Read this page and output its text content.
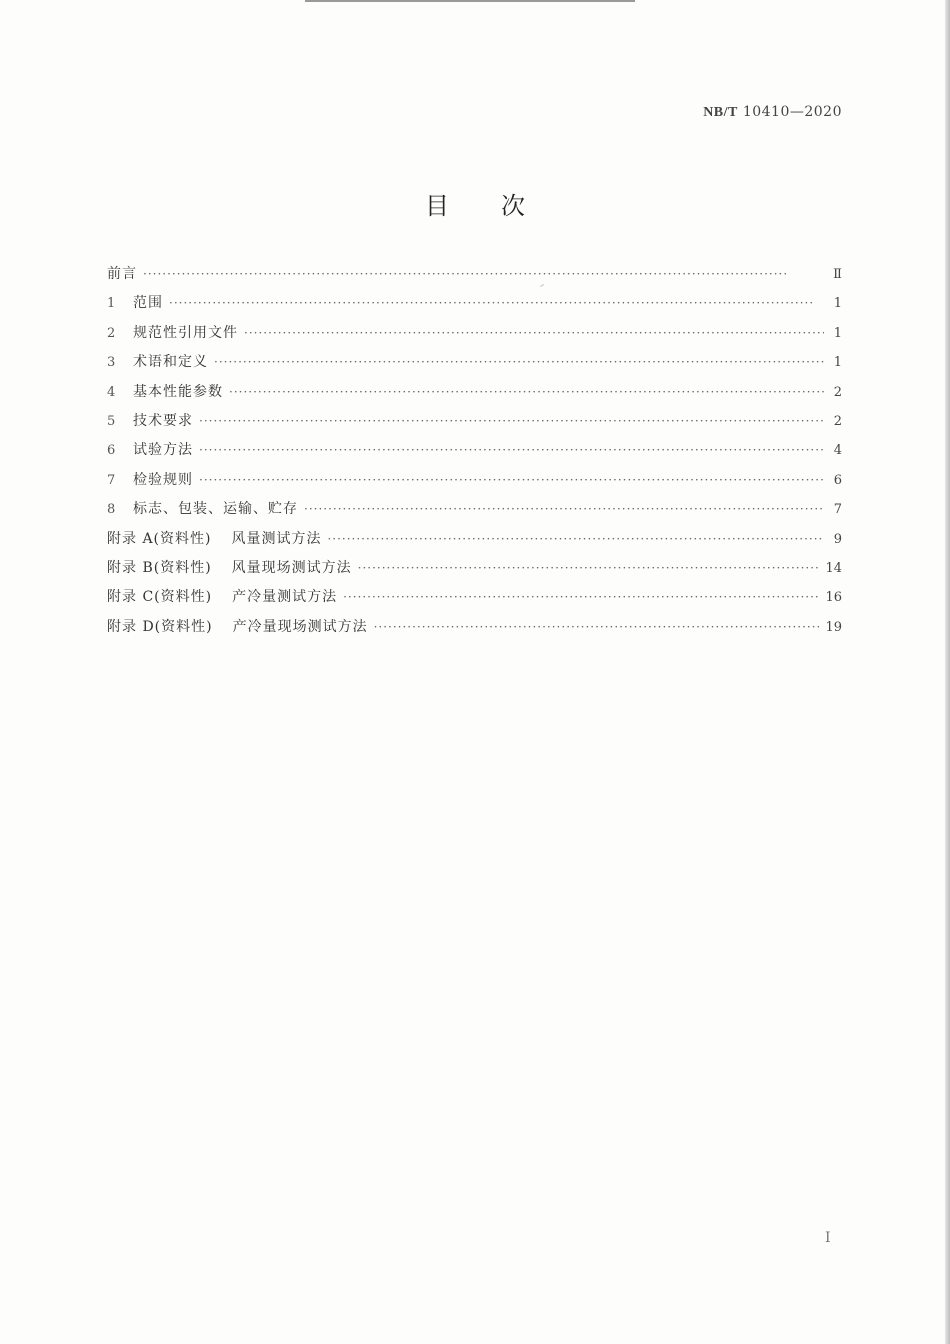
NB/T 10410—2020
目 次
前言 ·····	Ⅱ
1	范围 ·····	1
2	规范性引用文件 ·····	1
3	术语和定义 ·····	1
4	基本性能参数 ·····	2
5	技术要求 ·····	2
6	试验方法 ·····	4
7	检验规则 ·····	6
8	标志、包装、运输、贮存 ·····	7
附录 A(资料性) 风量测试方法 ·····	9
附录 B(资料性) 风量现场测试方法 ·····	14
附录 C(资料性) 产冷量测试方法 ·····	16
附录 D(资料性) 产冷量现场测试方法 ·····	19
I
